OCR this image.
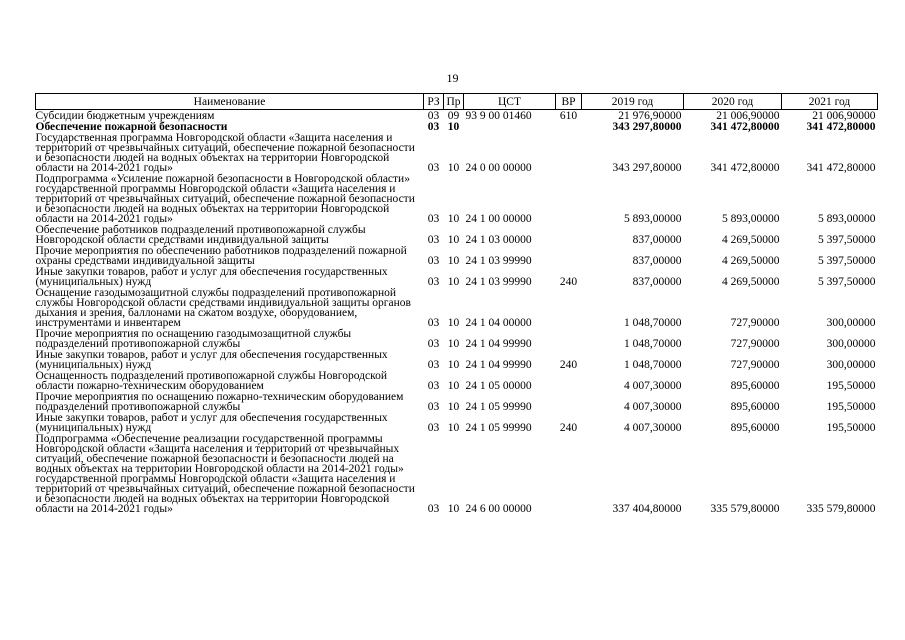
19
Наименование	РЗ	Пр	ЦСТ	ВР	2019 год	2020 год	2021 год
Субсидии бюджетным учреждениям	03	09	93 9 00 01460	610	21 976,90000	21 006,90000	21 006,90000
Обеспечение пожарной безопасности	03	10			343 297,80000	341 472,80000	341 472,80000
Государственная программа Новгородской области «Защита населения и территорий от чрезвычайных ситуаций, обеспечение пожарной безопасности и безопасности людей на водных объектах на территории Новгородской области на 2014-2021 годы»	03	10	24 0 00 00000		343 297,80000	341 472,80000	341 472,80000
Подпрограмма «Усиление пожарной безопасности в Новгородской области» государственной программы Новгородской области «Защита населения и территорий от чрезвычайных ситуаций, обеспечение пожарной безопасности и безопасности людей на водных объектах на территории Новгородской области на 2014-2021 годы»	03	10	24 1 00 00000		5 893,00000	5 893,00000	5 893,00000
Обеспечение работников подразделений противопожарной службы Новгородской области средствами индивидуальной защиты	03	10	24 1 03 00000		837,00000	4 269,50000	5 397,50000
Прочие мероприятия по обеспечению работников подразделений пожарной охраны средствами индивидуальной защиты	03	10	24 1 03 99990		837,00000	4 269,50000	5 397,50000
Иные закупки товаров, работ и услуг для обеспечения государственных (муниципальных) нужд	03	10	24 1 03 99990	240	837,00000	4 269,50000	5 397,50000
Оснащение газодымозащитной службы подразделений противопожарной службы Новгородской области средствами индивидуальной защиты органов дыхания и зрения, баллонами на сжатом воздухе, оборудованием, инструментами и инвентарем	03	10	24 1 04 00000		1 048,70000	727,90000	300,00000
Прочие мероприятия по оснащению газодымозащитной службы подразделений противопожарной службы	03	10	24 1 04 99990		1 048,70000	727,90000	300,00000
Иные закупки товаров, работ и услуг для обеспечения государственных (муниципальных) нужд	03	10	24 1 04 99990	240	1 048,70000	727,90000	300,00000
Оснащенность подразделений противопожарной службы Новгородской области пожарно-техническим оборудованием	03	10	24 1 05 00000		4 007,30000	895,60000	195,50000
Прочие мероприятия по оснащению пожарно-техническим оборудованием подразделений противопожарной службы	03	10	24 1 05 99990		4 007,30000	895,60000	195,50000
Иные закупки товаров, работ и услуг для обеспечения государственных (муниципальных) нужд	03	10	24 1 05 99990	240	4 007,30000	895,60000	195,50000
Подпрограмма «Обеспечение реализации государственной программы Новгородской области «Защита населения и территорий от чрезвычайных ситуаций, обеспечение пожарной безопасности и безопасности людей на водных объектах на территории Новгородской области на 2014-2021 годы» государственной программы Новгородской области «Защита населения и территорий от чрезвычайных ситуаций, обеспечение пожарной безопасности и безопасности людей на водных объектах на территории Новгородской области на 2014-2021 годы»	03	10	24 6 00 00000		337 404,80000	335 579,80000	335 579,80000
